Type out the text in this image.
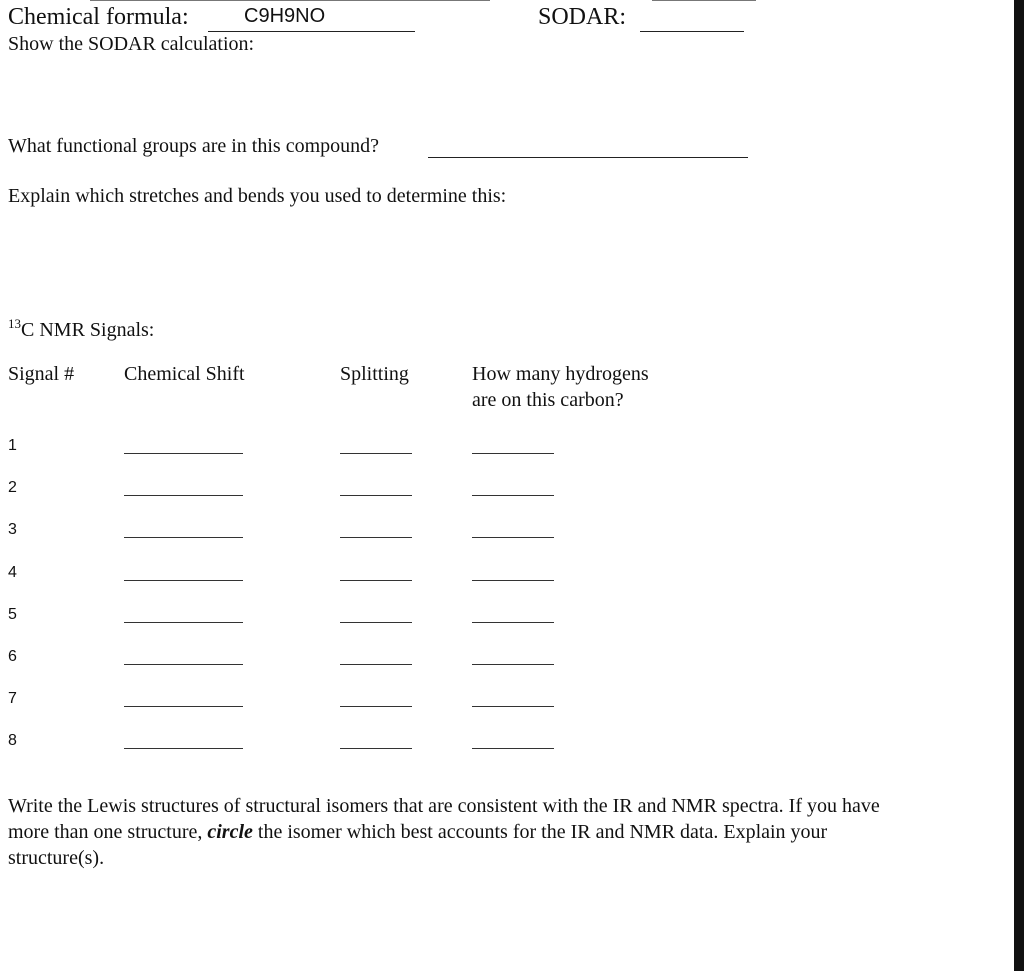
Chemical formula:	C9H9NO	SODAR:
Show the SODAR calculation:
What functional groups are in this compound?
Explain which stretches and bends you used to determine this:
$^{13}$C NMR Signals:
Signal # Chemical Shift	Splitting	How many hydrogens
are on this carbon?
1
2
3
4
5
6
7
8
Write the Lewis structures of structural isomers that are consistent with the IR and NMR spectra. If you have more than one structure, circle the isomer which best accounts for the IR and NMR data. Explain your structure(s).
